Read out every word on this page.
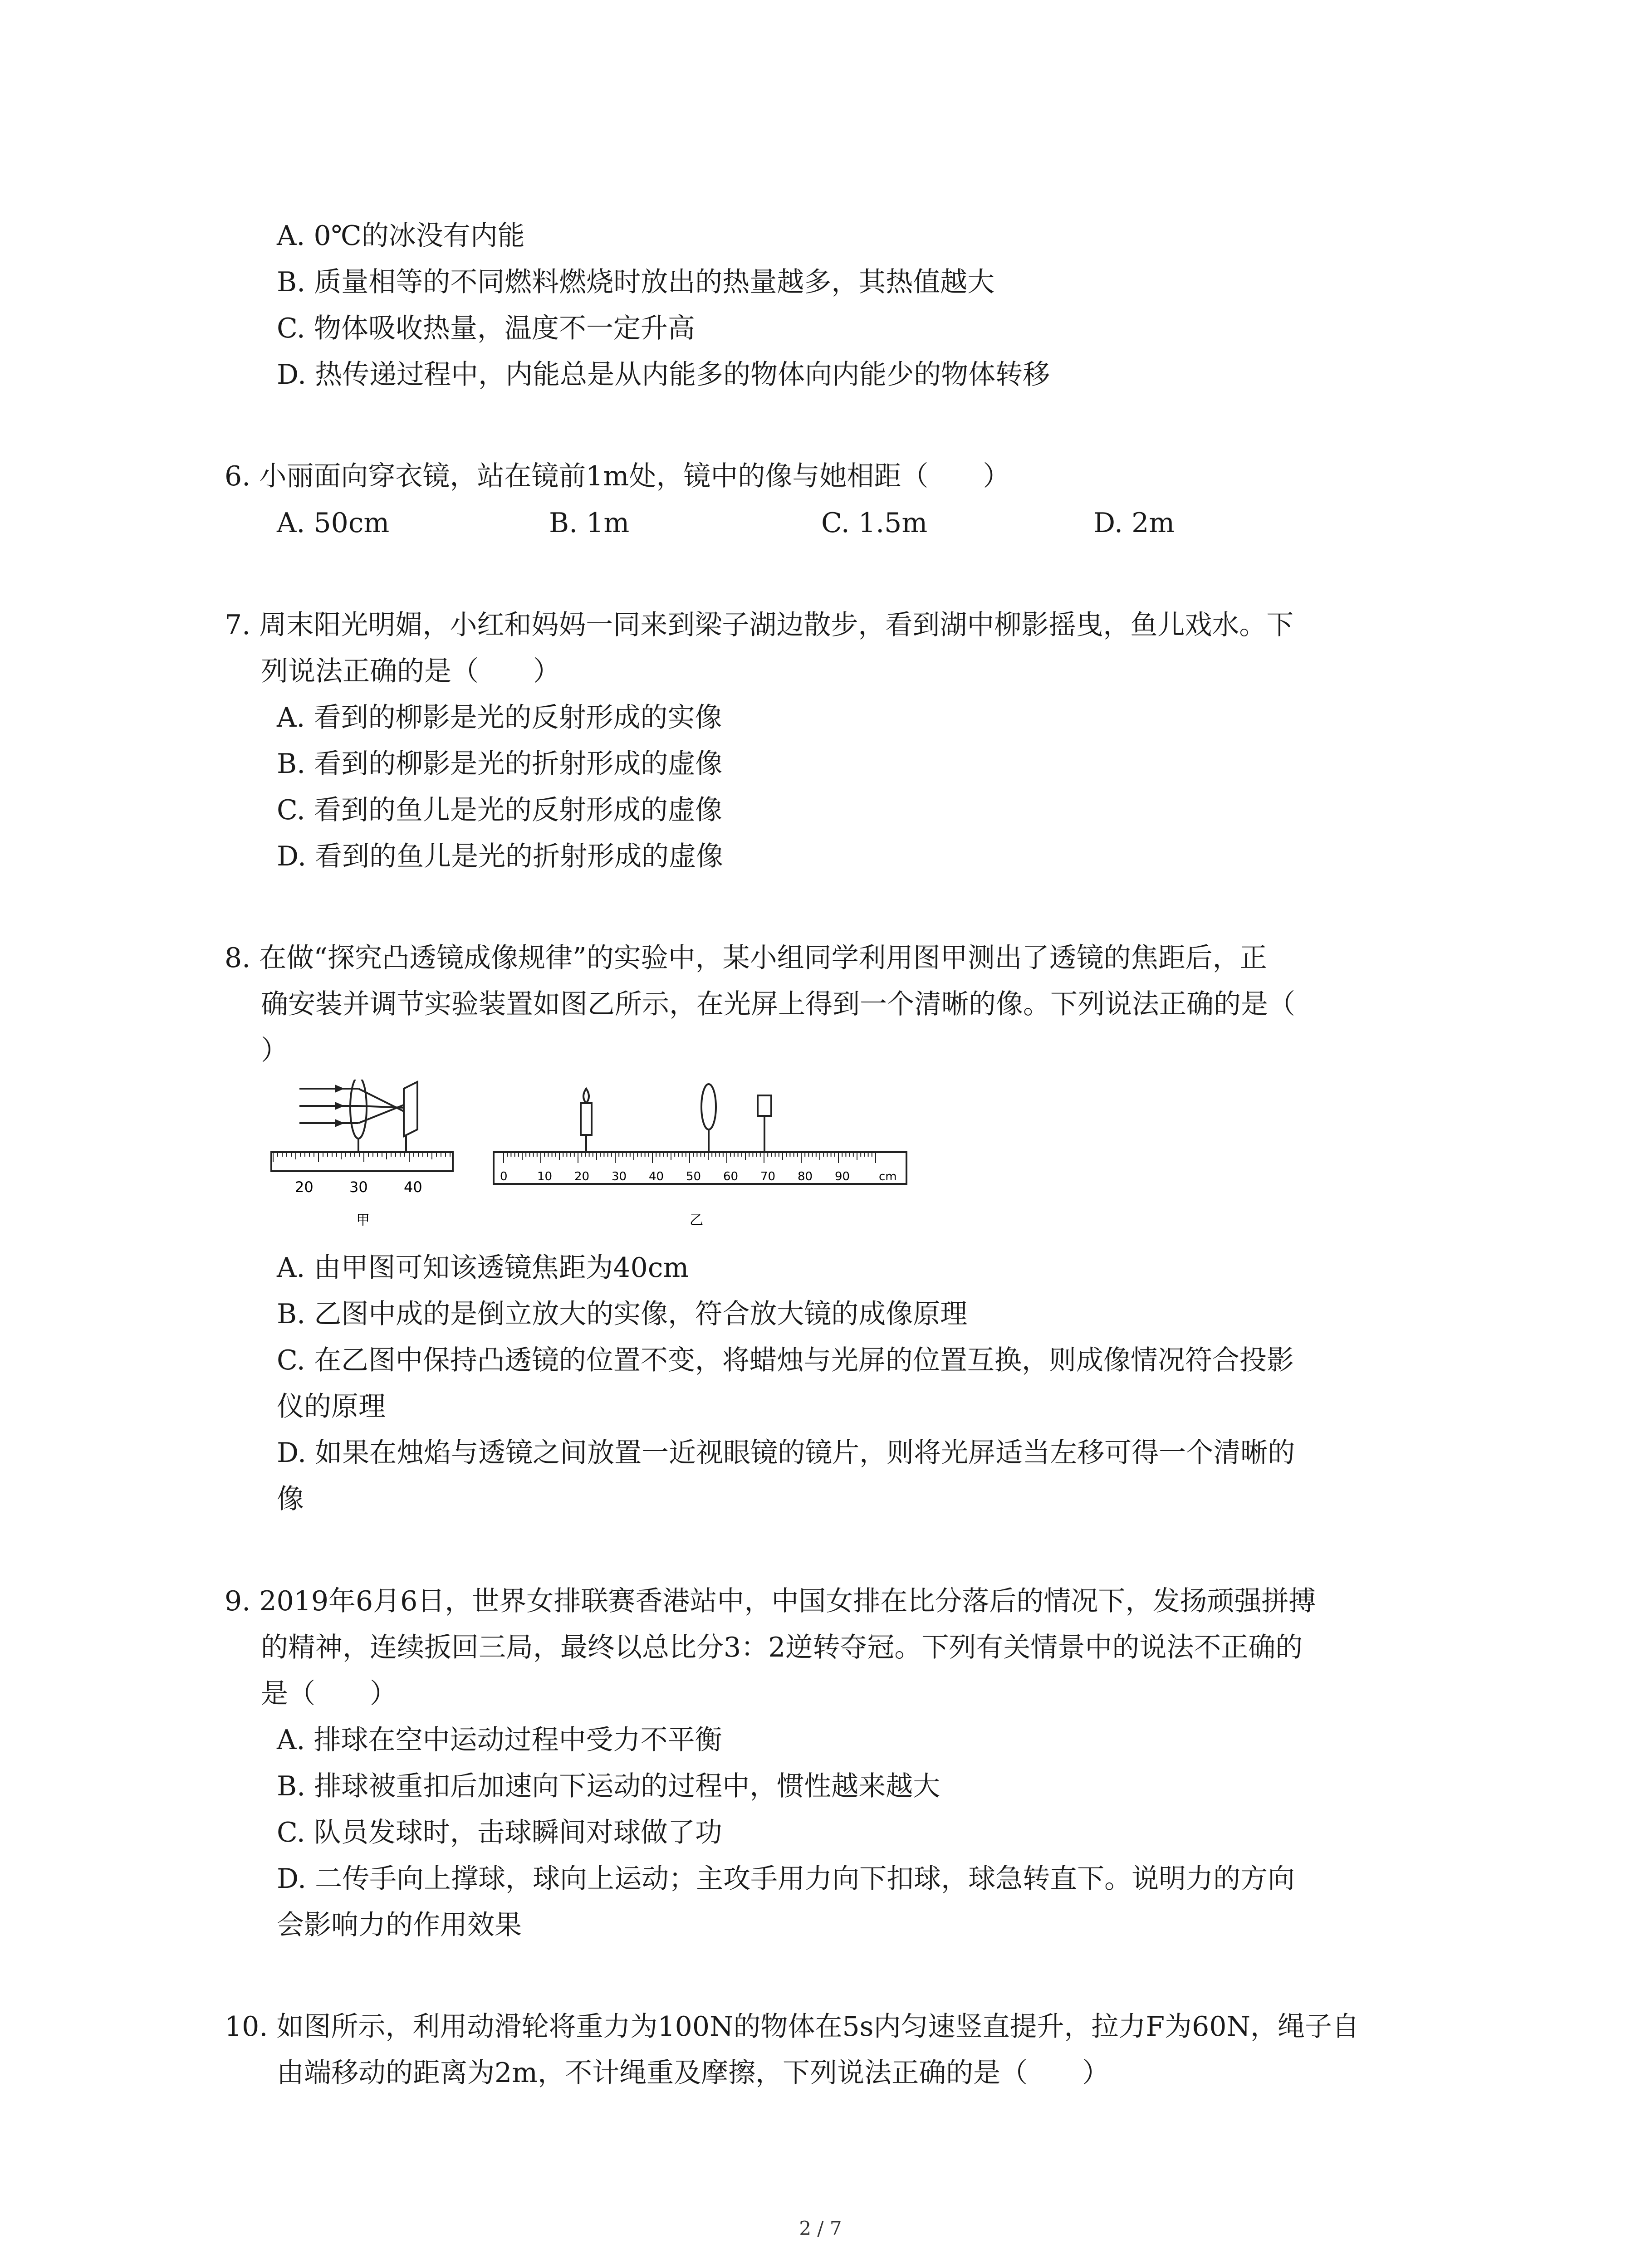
A. 0℃的冰没有内能
B. 质量相等的不同燃料燃烧时放出的热量越多，其热值越大
C. 物体吸收热量，温度不一定升高
D. 热传递过程中，内能总是从内能多的物体向内能少的物体转移
6. 小丽面向穿衣镜，站在镜前1m处，镜中的像与她相距（　　）
A. 50cm	B. 1m	C. 1.5m	D. 2m
7. 周末阳光明媚，小红和妈妈一同来到梁子湖边散步，看到湖中柳影摇曳，鱼儿戏水。下
列说法正确的是（　　）
A. 看到的柳影是光的反射形成的实像
B. 看到的柳影是光的折射形成的虚像
C. 看到的鱼儿是光的反射形成的虚像
D. 看到的鱼儿是光的折射形成的虚像
8. 在做“探究凸透镜成像规律”的实验中，某小组同学利用图甲测出了透镜的焦距后，正
确安装并调节实验装置如图乙所示，在光屏上得到一个清晰的像。下列说法正确的是（
）
20 30 40
甲
0	10 20 30 40 50 60 70 80 90 cm
乙
A. 由甲图可知该透镜焦距为40cm
B. 乙图中成的是倒立放大的实像，符合放大镜的成像原理
C. 在乙图中保持凸透镜的位置不变，将蜡烛与光屏的位置互换，则成像情况符合投影
仪的原理
D. 如果在烛焰与透镜之间放置一近视眼镜的镜片，则将光屏适当左移可得一个清晰的
像
9. 2019年6月6日，世界女排联赛香港站中，中国女排在比分落后的情况下，发扬顽强拼搏
的精神，连续扳回三局，最终以总比分3：2逆转夺冠。下列有关情景中的说法不正确的
是（　　）
A. 排球在空中运动过程中受力不平衡
B. 排球被重扣后加速向下运动的过程中，惯性越来越大
C. 队员发球时，击球瞬间对球做了功
D. 二传手向上撑球，球向上运动；主攻手用力向下扣球，球急转直下。说明力的方向
会影响力的作用效果
10. 如图所示，利用动滑轮将重力为100N的物体在5s内匀速竖直提升，拉力F为60N，绳子自
由端移动的距离为2m，不计绳重及摩擦，下列说法正确的是（　　）
2 / 7
